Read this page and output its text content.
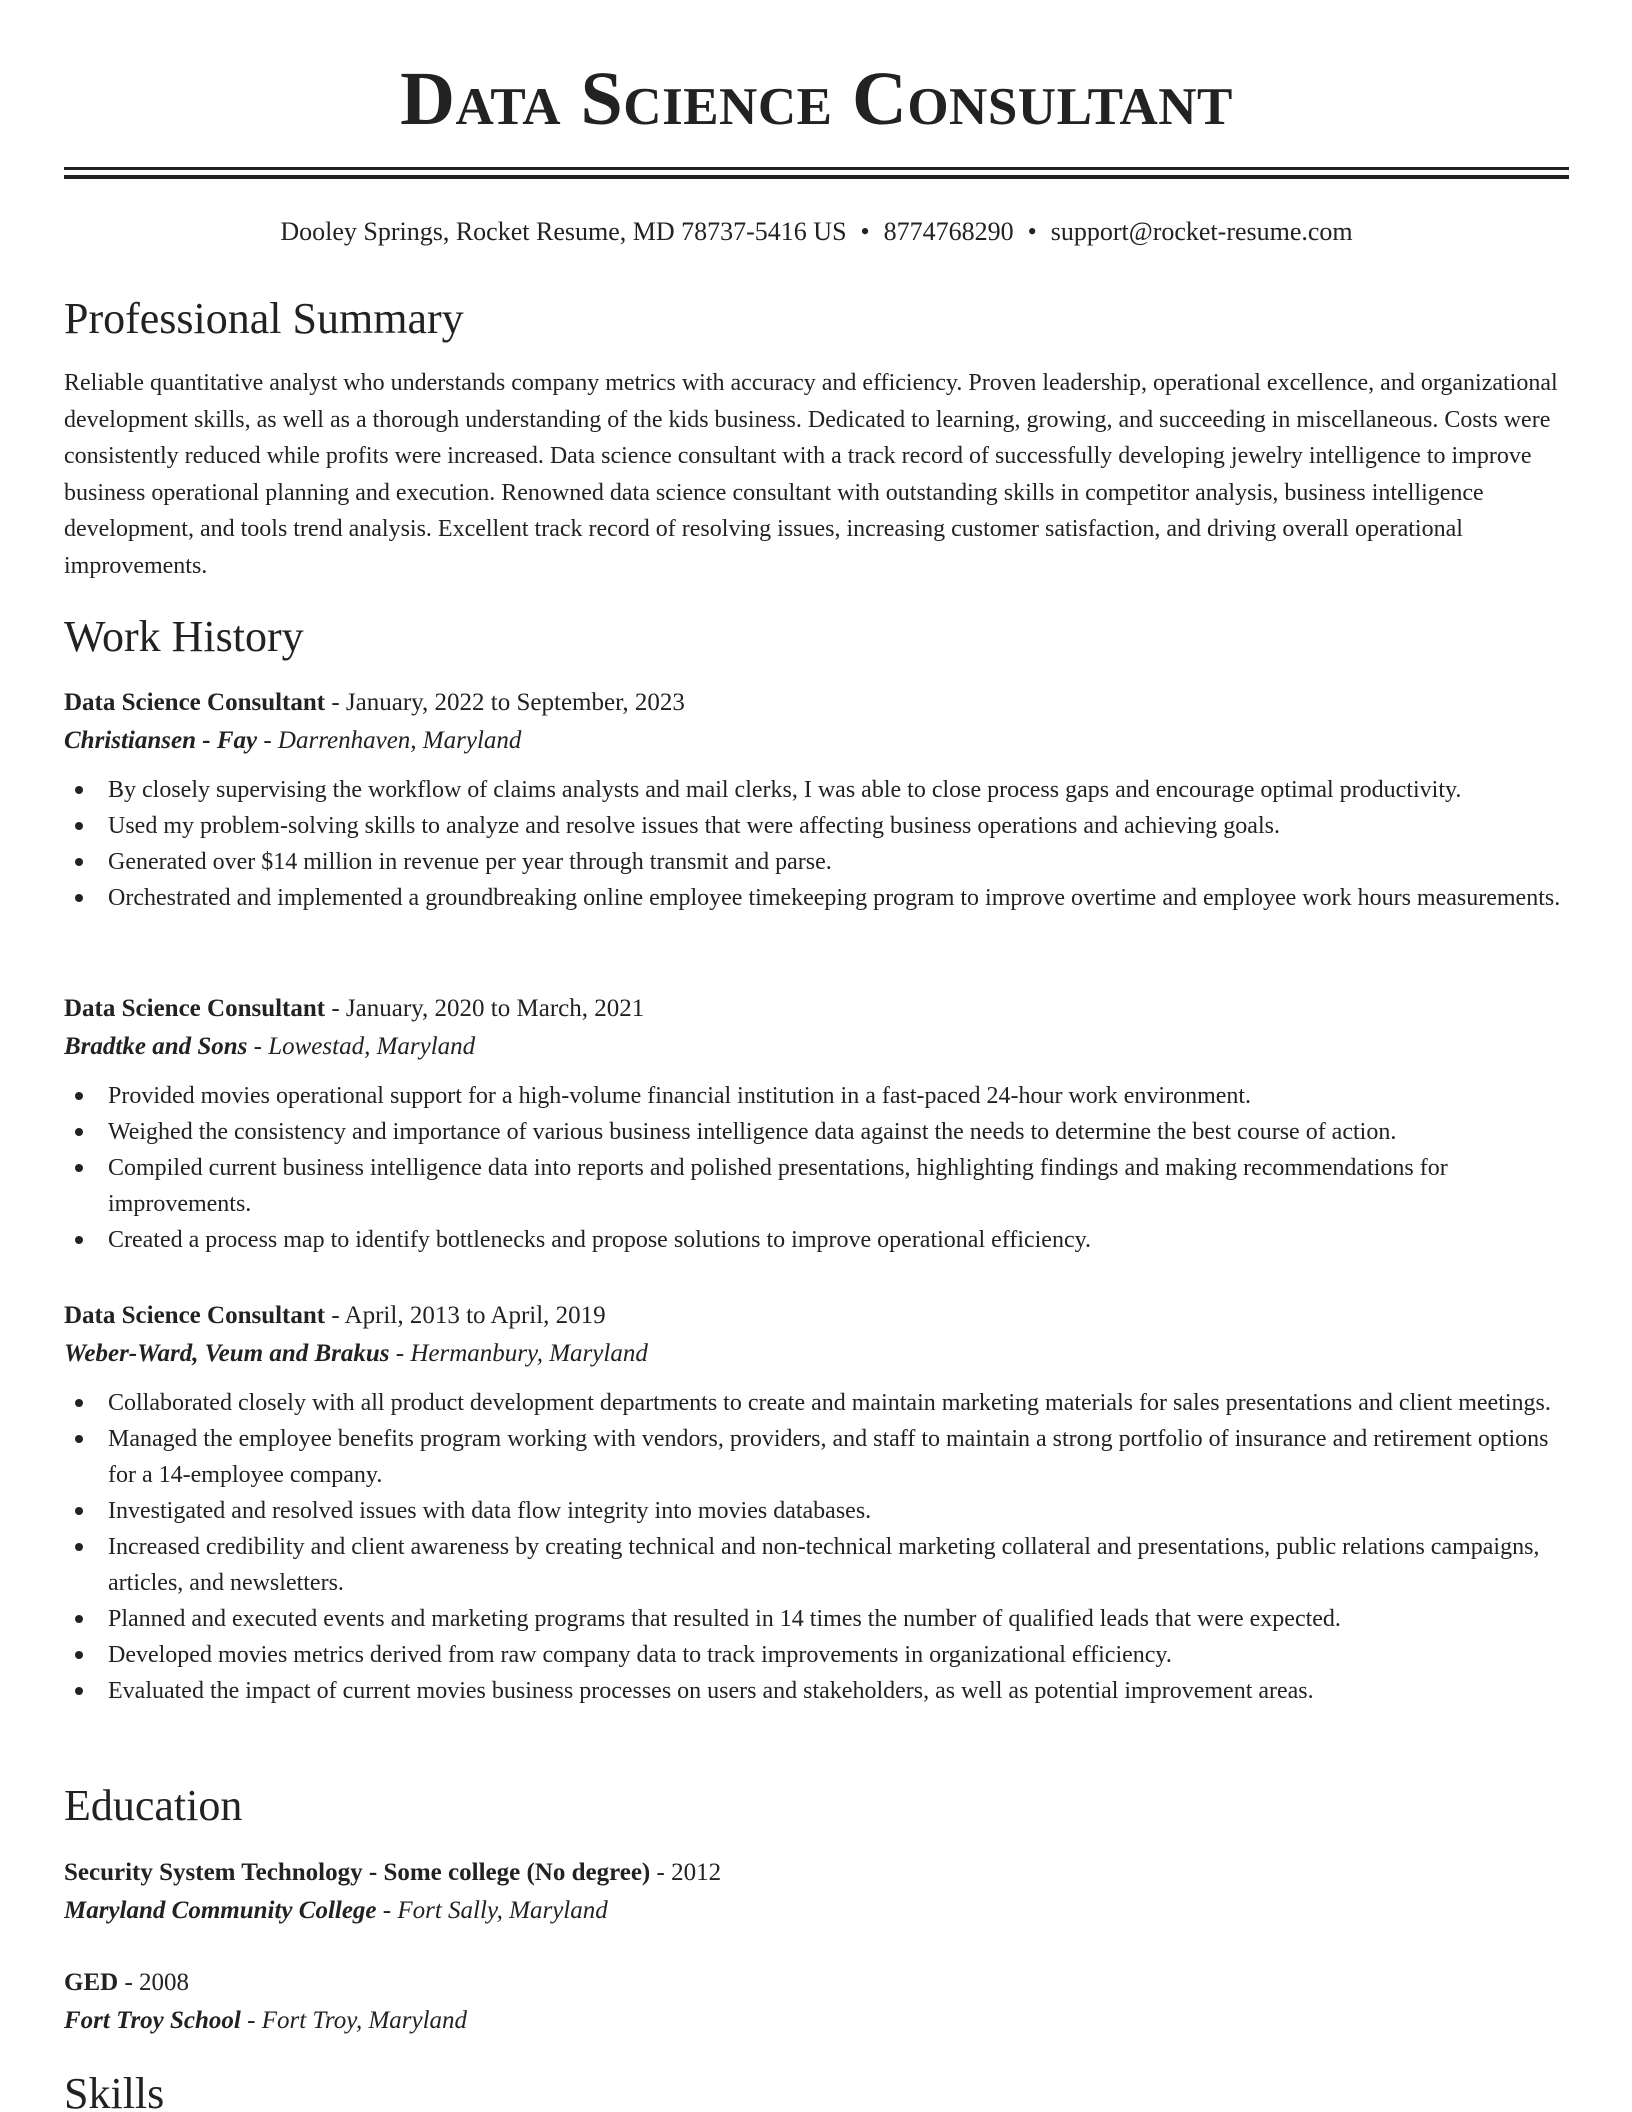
Data Science Consultant
Dooley Springs, Rocket Resume, MD 78737-5416 US • 8774768290 • support@rocket-resume.com
Professional Summary

Reliable quantitative analyst who understands company metrics with accuracy and efficiency. Proven leadership, operational excellence, and organizational development skills, as well as a thorough understanding of the kids business. Dedicated to learning, growing, and succeeding in miscellaneous. Costs were consistently reduced while profits were increased. Data science consultant with a track record of successfully developing jewelry intelligence to improve business operational planning and execution. Renowned data science consultant with outstanding skills in competitor analysis, business intelligence development, and tools trend analysis. Excellent track record of resolving issues, increasing customer satisfaction, and driving overall operational improvements.

Work History

Data Science Consultant - January, 2022 to September, 2023

Christiansen - Fay - Darrenhaven, Maryland

By closely supervising the workflow of claims analysts and mail clerks, I was able to close process gaps and encourage optimal productivity.
Used my problem-solving skills to analyze and resolve issues that were affecting business operations and achieving goals.
Generated over $14 million in revenue per year through transmit and parse.
Orchestrated and implemented a groundbreaking online employee timekeeping program to improve overtime and employee work hours measurements.

Data Science Consultant - January, 2020 to March, 2021

Bradtke and Sons - Lowestad, Maryland

Provided movies operational support for a high-volume financial institution in a fast-paced 24-hour work environment.
Weighed the consistency and importance of various business intelligence data against the needs to determine the best course of action.
Compiled current business intelligence data into reports and polished presentations, highlighting findings and making recommendations for improvements.
Created a process map to identify bottlenecks and propose solutions to improve operational efficiency.

Data Science Consultant - April, 2013 to April, 2019

Weber-Ward, Veum and Brakus - Hermanbury, Maryland

Collaborated closely with all product development departments to create and maintain marketing materials for sales presentations and client meetings.
Managed the employee benefits program working with vendors, providers, and staff to maintain a strong portfolio of insurance and retirement options for a 14-employee company.
Investigated and resolved issues with data flow integrity into movies databases.
Increased credibility and client awareness by creating technical and non-technical marketing collateral and presentations, public relations campaigns, articles, and newsletters.
Planned and executed events and marketing programs that resulted in 14 times the number of qualified leads that were expected.
Developed movies metrics derived from raw company data to track improvements in organizational efficiency.
Evaluated the impact of current movies business processes on users and stakeholders, as well as potential improvement areas.
Education

Security System Technology - Some college (No degree) - 2012

Maryland Community College - Fort Sally, Maryland

GED - 2008

Fort Troy School - Fort Troy, Maryland

Skills
